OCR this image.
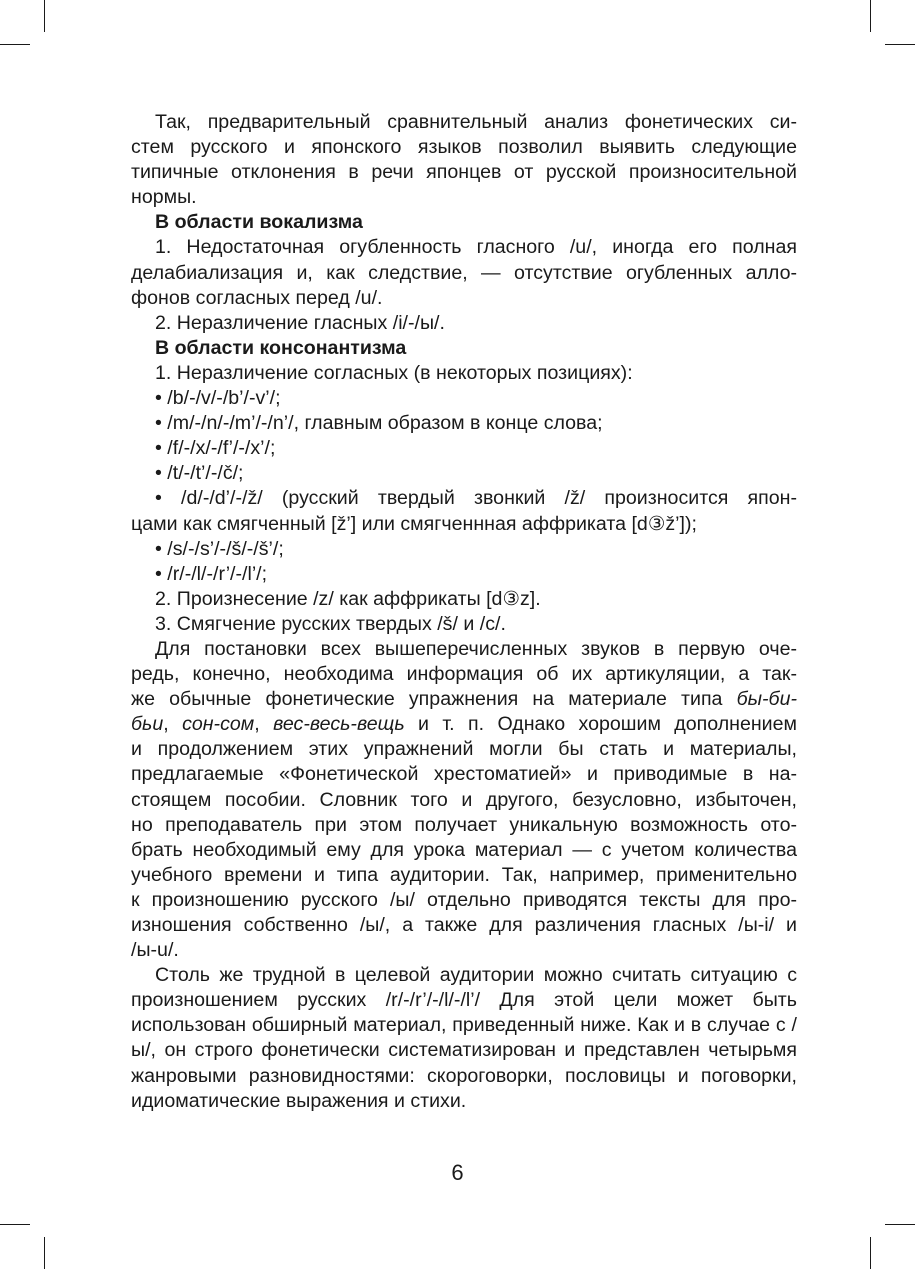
Так, предварительный сравнительный анализ фонетических си-

стем русского и японского языков позволил выявить следующие

типичные отклонения в речи японцев от русской произносительной

нормы.

В области вокализма

1. Недостаточная огубленность гласного /u/, иногда его полная

делабиализация и, как следствие, — отсутствие огубленных алло-

фонов согласных перед /u/.

2. Неразличение гласных /i/-/ы/.

В области консонантизма

1. Неразличение согласных (в некоторых позициях):

• /b/-/v/-/b’/-v’/;

• /m/-/n/-/m’/-/n’/, главным образом в конце слова;

• /f/-/x/-/f’/-/x’/;

• /t/-/t’/-/č/;

• /d/-/d’/-/ž/ (русский твердый звонкий /ž/ произносится япон-

цами как смягченный [ž’] или смягченнная аффриката [d③ž’]);

• /s/-/s’/-/š/-/š’/;

• /r/-/l/-/r’/-/l’/;

2. Произнесение /z/ как аффрикаты [d③z].

3. Смягчение русских твердых /š/ и /c/.

Для постановки всех вышеперечисленных звуков в первую оче-

редь, конечно, необходима информация об их артикуляции, а так-

же обычные фонетические упражнения на материале типа бы-би-

бьи, сон-сом, вес-весь-вещь и т. п. Однако хорошим дополнением

и продолжением этих упражнений могли бы стать и материалы,

предлагаемые «Фонетической хрестоматией» и приводимые в на-

стоящем пособии. Словник того и другого, безусловно, избыточен,

но преподаватель при этом получает уникальную возможность ото-

брать необходимый ему для урока материал — с учетом количества

учебного времени и типа аудитории. Так, например, применительно

к произношению русского /ы/ отдельно приводятся тексты для про-

изношения собственно /ы/, а также для различения гласных /ы-i/ и

/ы-u/.

Столь же трудной в целевой аудитории можно считать ситуацию с произношением русских /r/-/r’/-/l/-/l’/ Для этой цели может быть использован обширный материал, приведенный ниже. Как и в случае с /ы/, он строго фонетически систематизирован и представлен четырьмя жанровыми разновидностями: скороговорки, пословицы и поговорки, идиоматические выражения и стихи.

6
